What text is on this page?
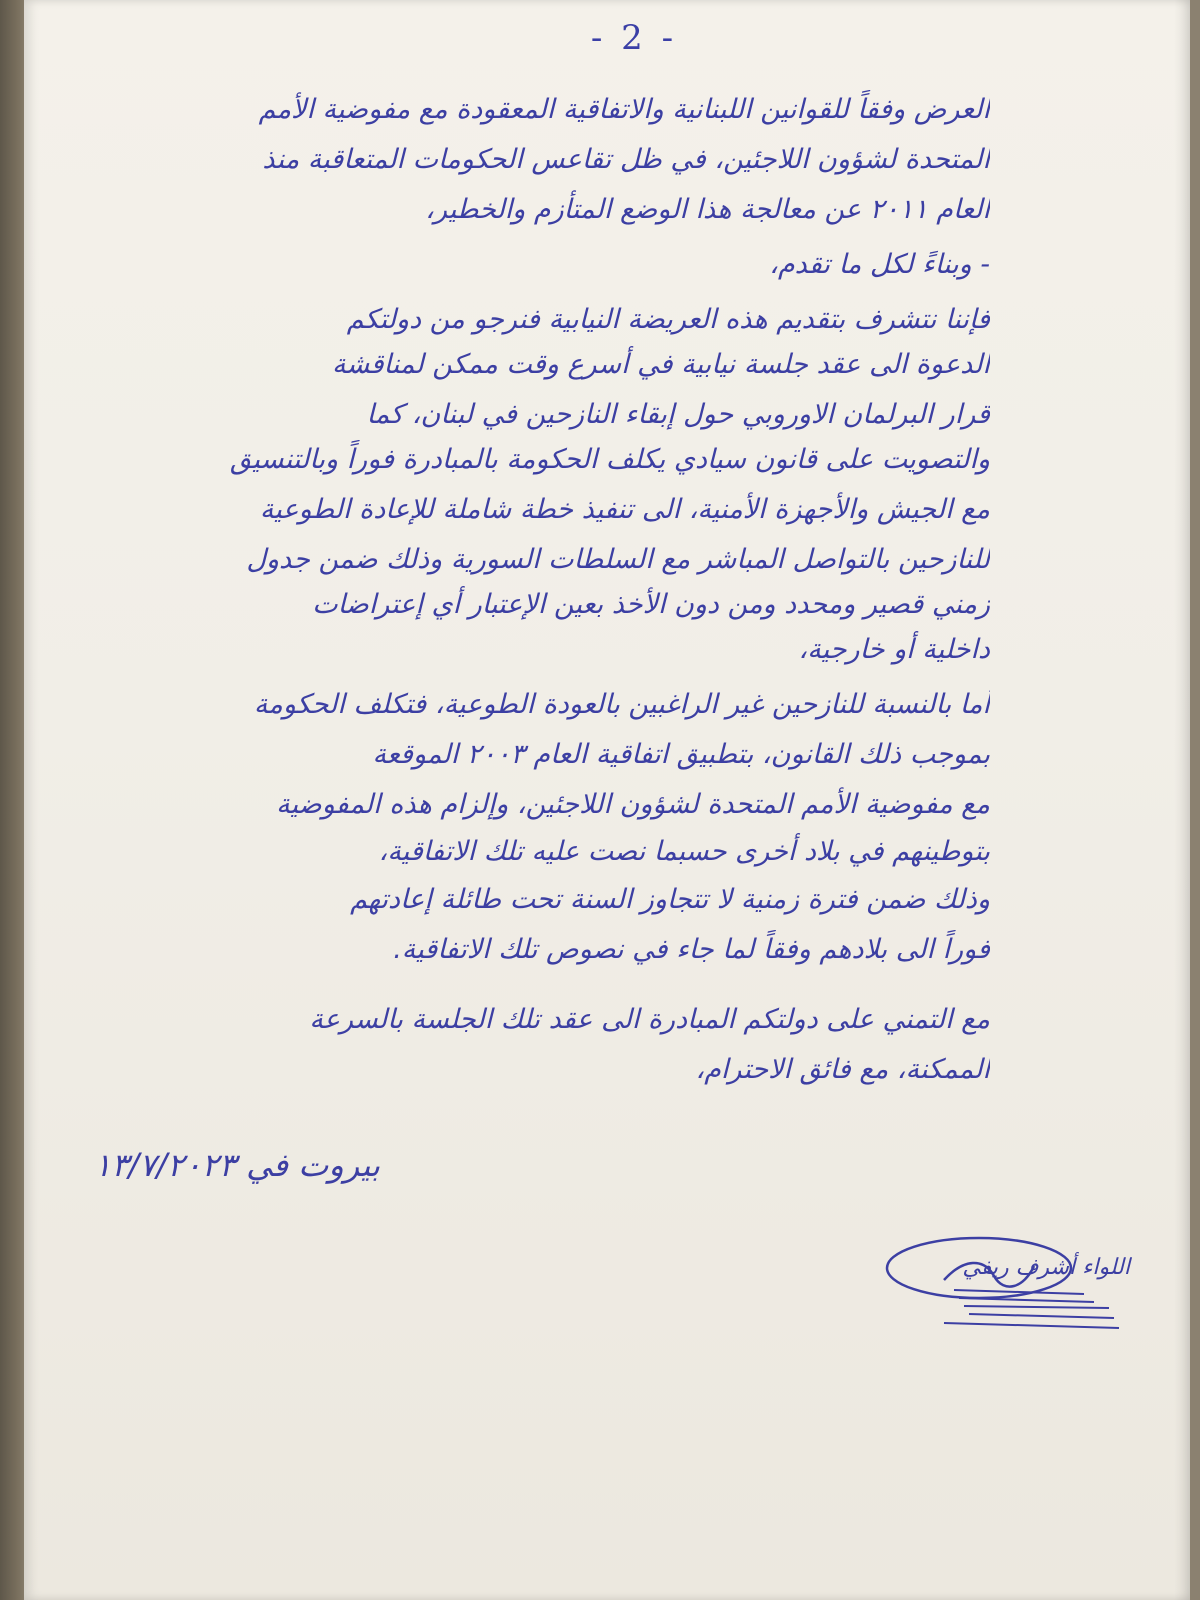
- 2 -
العرض وفقاً للقوانين اللبنانية والاتفاقية المعقودة مع مفوضية الأمم
المتحدة لشؤون اللاجئين، في ظل تقاعس الحكومات المتعاقبة منذ
العام ٢٠١١ عن معالجة هذا الوضع المتأزم والخطير،
- وبناءً لكل ما تقدم،
فإننا نتشرف بتقديم هذه العريضة النيابية فنرجو من دولتكم
الدعوة الى عقد جلسة نيابية في أسرع وقت ممكن لمناقشة
قرار البرلمان الاوروبي حول إبقاء النازحين في لبنان، كما
والتصويت على قانون سيادي يكلف الحكومة بالمبادرة فوراً وبالتنسيق
مع الجيش والأجهزة الأمنية، الى تنفيذ خطة شاملة للإعادة الطوعية
للنازحين بالتواصل المباشر مع السلطات السورية وذلك ضمن جدول
زمني قصير ومحدد ومن دون الأخذ بعين الإعتبار أي إعتراضات
داخلية أو خارجية،
أما بالنسبة للنازحين غير الراغبين بالعودة الطوعية، فتكلف الحكومة
بموجب ذلك القانون، بتطبيق اتفاقية العام ٢٠٠٣ الموقعة
مع مفوضية الأمم المتحدة لشؤون اللاجئين، وإلزام هذه المفوضية
بتوطينهم في بلاد أخرى حسبما نصت عليه تلك الاتفاقية،
وذلك ضمن فترة زمنية لا تتجاوز السنة تحت طائلة إعادتهم
فوراً الى بلادهم وفقاً لما جاء في نصوص تلك الاتفاقية.
مع التمني على دولتكم المبادرة الى عقد تلك الجلسة بالسرعة
الممكنة، مع فائق الاحترام،
بيروت في ١٣/٧/٢٠٢٣
اللواء أشرف ريفي
